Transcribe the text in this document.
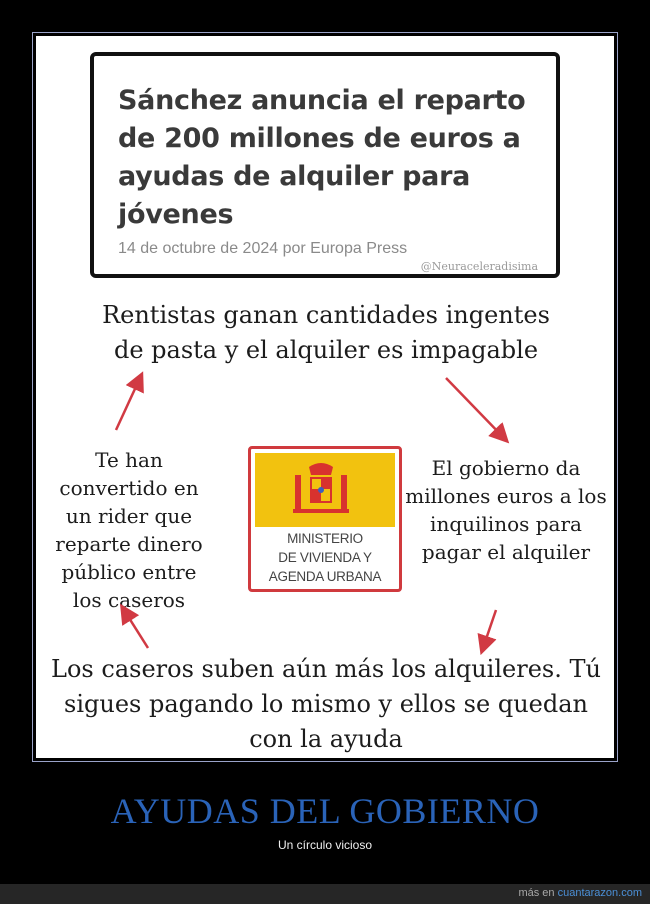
Sánchez anuncia el reparto de 200 millones de euros a ayudas de alquiler para jóvenes
14 de octubre de 2024 por Europa Press
@Neuraceleradisima
Rentistas ganan cantidades ingentes de pasta y el alquiler es impagable
El gobierno da millones euros a los inquilinos para pagar el alquiler
Te han convertido en un rider que reparte dinero público entre los caseros
Los caseros suben aún más los alquileres. Tú sigues pagando lo mismo y ellos se quedan con la ayuda
MINISTERIO
DE VIVIENDA Y
AGENDA URBANA
AYUDAS DEL GOBIERNO
Un círculo vicioso
más en cuantarazon.com
